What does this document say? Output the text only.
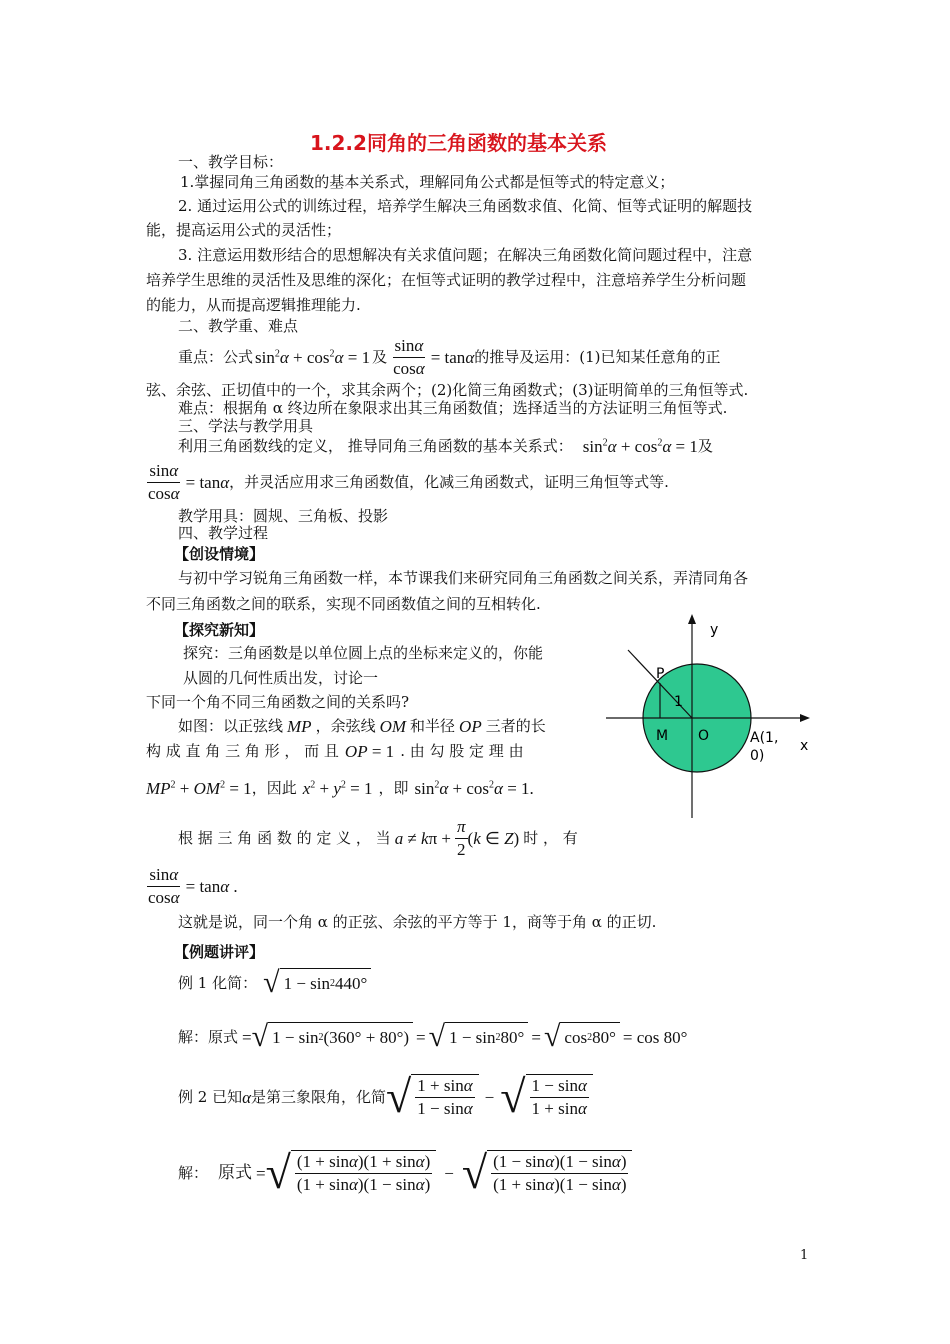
1.2.2同角的三角函数的基本关系
一、教学目标：
1.掌握同角三角函数的基本关系式，理解同角公式都是恒等式的特定意义；
2. 通过运用公式的训练过程，培养学生解决三角函数求值、化简、恒等式证明的解题技
能，提高运用公式的灵活性；
3. 注意运用数形结合的思想解决有关求值问题；在解决三角函数化简问题过程中，注意
培养学生思维的灵活性及思维的深化；在恒等式证明的教学过程中，注意培养学生分析问题
的能力，从而提高逻辑推理能力.
二、教学重、难点
重点：公式 $\sin^2\alpha + \cos^2\alpha = 1$ 及 $\frac{\sin\alpha}{\cos\alpha} = \tan\alpha$ 的推导及运用：(1)已知某任意角的正
弦、余弦、正切值中的一个，求其余两个；(2)化简三角函数式；(3)证明简单的三角恒等式.
难点：根据角 α 终边所在象限求出其三角函数值；选择适当的方法证明三角恒等式.
三、学法与教学用具
利用三角函数线的定义， 推导同角三角函数的基本关系式： $\sin^2\alpha + \cos^2\alpha = 1$ 及
$\frac{\sin\alpha}{\cos\alpha} = \tan\alpha$ ，并灵活应用求三角函数值，化减三角函数式，证明三角恒等式等.
教学用具：圆规、三角板、投影
四、教学过程
【创设情境】
与初中学习锐角三角函数一样，本节课我们来研究同角三角函数之间关系，弄清同角各
不同三角函数之间的联系，实现不同函数值之间的互相转化.
【探究新知】
探究：三角函数是以单位圆上点的坐标来定义的，你能
从圆的几何性质出发，讨论一
下同一个角不同三角函数之间的关系吗?
如图：以正弦线 MP ，余弦线 OM 和半径 OP 三者的长
构 成 直 角 三 角 形 ， 而 且 OP = 1 . 由 勾 股 定 理 由
$MP^2 + OM^2 = 1$ ，因此 $x^2 + y^2 = 1$ ，即 $\sin^2\alpha + \cos^2\alpha = 1$.
根 据 三 角 函 数 的 定 义 ， 当 $a \ne k\pi + \frac{\pi}{2} (k$ ∈ Z) 时 ， 有
$\frac{\sin\alpha}{\cos\alpha} = \tan\alpha$ .
这就是说，同一个角 α 的正弦、余弦的平方等于 1，商等于角 α 的正切.
【例题讲评】
例 1 化简： √ 1 − sin 2 440°
解：原式 = √ 1 − sin 2 (360° + 80°) = √ 1 − sin 2 80° = √ cos 2 80° = cos 80°
例 2 已知 α 是第三象限角，化简 √ $\frac{1 + \sin\alpha}{1 - \sin\alpha}$ − √ $\frac{1 - \sin\alpha}{1 + \sin\alpha}$
解： 原式 = √ $\frac{(1 + \sin\alpha)(1 + \sin\alpha)}{(1 + \sin\alpha)(1 - \sin\alpha)}$ − √ $\frac{(1 - \sin\alpha)(1 - \sin\alpha)}{(1 + \sin\alpha)(1 - \sin\alpha)}$
y
x
P
1
M O	A(1,
0)
1
